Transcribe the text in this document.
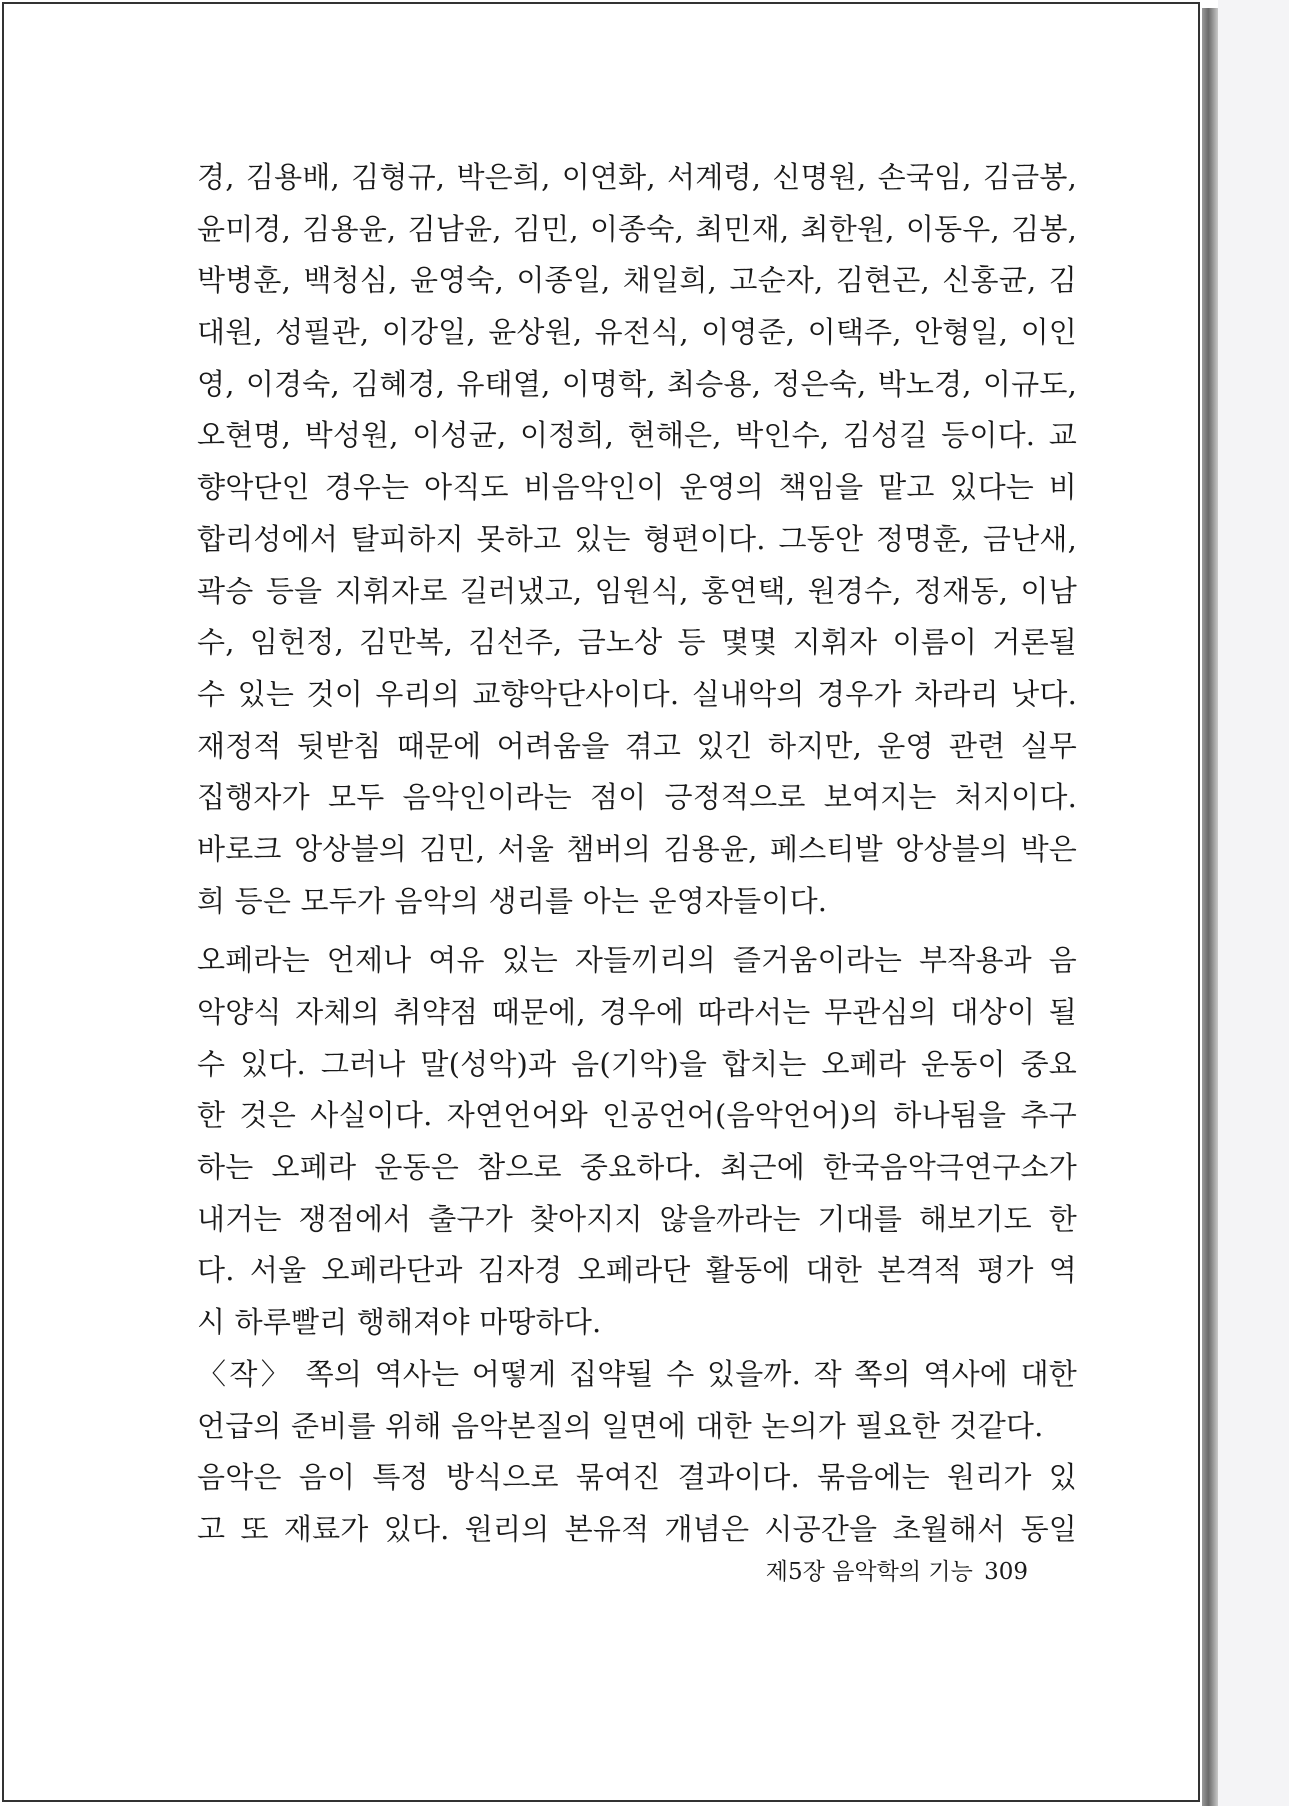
경, 김용배, 김형규, 박은희, 이연화, 서계령, 신명원, 손국임, 김금봉,
윤미경, 김용윤, 김남윤, 김민, 이종숙, 최민재, 최한원, 이동우, 김봉,
박병훈, 백청심, 윤영숙, 이종일, 채일희, 고순자, 김현곤, 신홍균, 김
대원, 성필관, 이강일, 윤상원, 유전식, 이영준, 이택주, 안형일, 이인
영, 이경숙, 김혜경, 유태열, 이명학, 최승용, 정은숙, 박노경, 이규도,
오현명, 박성원, 이성균, 이정희, 현해은, 박인수, 김성길 등이다. 교
향악단인 경우는 아직도 비음악인이 운영의 책임을 맡고 있다는 비
합리성에서 탈피하지 못하고 있는 형편이다. 그동안 정명훈, 금난새,
곽승 등을 지휘자로 길러냈고, 임원식, 홍연택, 원경수, 정재동, 이남
수, 임헌정, 김만복, 김선주, 금노상 등 몇몇 지휘자 이름이 거론될
수 있는 것이 우리의 교향악단사이다. 실내악의 경우가 차라리 낫다.
재정적 뒷받침 때문에 어려움을 겪고 있긴 하지만, 운영 관련 실무
집행자가 모두 음악인이라는 점이 긍정적으로 보여지는 처지이다.
바로크 앙상블의 김민, 서울 챔버의 김용윤, 페스티발 앙상블의 박은
희 등은 모두가 음악의 생리를 아는 운영자들이다.
오페라는 언제나 여유 있는 자들끼리의 즐거움이라는 부작용과 음
악양식 자체의 취약점 때문에, 경우에 따라서는 무관심의 대상이 될
수 있다. 그러나 말(성악)과 음(기악)을 합치는 오페라 운동이 중요
한 것은 사실이다. 자연언어와 인공언어(음악언어)의 하나됨을 추구
하는 오페라 운동은 참으로 중요하다. 최근에 한국음악극연구소가
내거는 쟁점에서 출구가 찾아지지 않을까라는 기대를 해보기도 한
다. 서울 오페라단과 김자경 오페라단 활동에 대한 본격적 평가 역
시 하루빨리 행해져야 마땅하다.
〈작〉 쪽의 역사는 어떻게 집약될 수 있을까. 작 쪽의 역사에 대한
언급의 준비를 위해 음악본질의 일면에 대한 논의가 필요한 것같다.
음악은 음이 특정 방식으로 묶여진 결과이다. 묶음에는 원리가 있
고 또 재료가 있다. 원리의 본유적 개념은 시공간을 초월해서 동일
제5장 음악학의 기능 309
